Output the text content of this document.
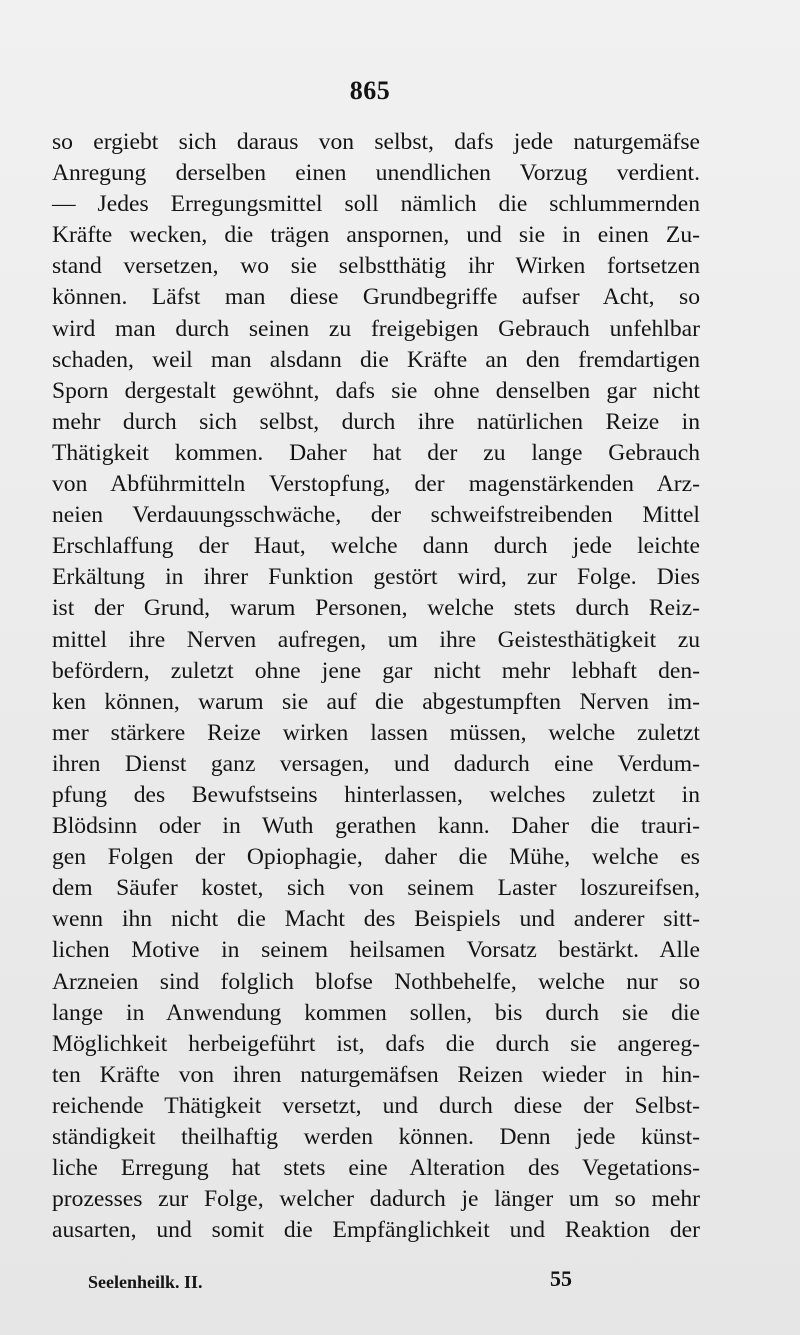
865
so ergiebt sich daraus von selbst, dafs jede naturgemäfse
Anregung derselben einen unendlichen Vorzug verdient.
— Jedes Erregungsmittel soll nämlich die schlummernden
Kräfte wecken, die trägen anspornen, und sie in einen Zu-
stand versetzen, wo sie selbstthätig ihr Wirken fortsetzen
können. Läfst man diese Grundbegriffe aufser Acht, so
wird man durch seinen zu freigebigen Gebrauch unfehlbar
schaden, weil man alsdann die Kräfte an den fremdartigen
Sporn dergestalt gewöhnt, dafs sie ohne denselben gar nicht
mehr durch sich selbst, durch ihre natürlichen Reize in
Thätigkeit kommen. Daher hat der zu lange Gebrauch
von Abführmitteln Verstopfung, der magenstärkenden Arz-
neien Verdauungsschwäche, der schweifstreibenden Mittel
Erschlaffung der Haut, welche dann durch jede leichte
Erkältung in ihrer Funktion gestört wird, zur Folge. Dies
ist der Grund, warum Personen, welche stets durch Reiz-
mittel ihre Nerven aufregen, um ihre Geistesthätigkeit zu
befördern, zuletzt ohne jene gar nicht mehr lebhaft den-
ken können, warum sie auf die abgestumpften Nerven im-
mer stärkere Reize wirken lassen müssen, welche zuletzt
ihren Dienst ganz versagen, und dadurch eine Verdum-
pfung des Bewufstseins hinterlassen, welches zuletzt in
Blödsinn oder in Wuth gerathen kann. Daher die trauri-
gen Folgen der Opiophagie, daher die Mühe, welche es
dem Säufer kostet, sich von seinem Laster loszureifsen,
wenn ihn nicht die Macht des Beispiels und anderer sitt-
lichen Motive in seinem heilsamen Vorsatz bestärkt. Alle
Arzneien sind folglich blofse Nothbehelfe, welche nur so
lange in Anwendung kommen sollen, bis durch sie die
Möglichkeit herbeigeführt ist, dafs die durch sie angereg-
ten Kräfte von ihren naturgemäfsen Reizen wieder in hin-
reichende Thätigkeit versetzt, und durch diese der Selbst-
ständigkeit theilhaftig werden können. Denn jede künst-
liche Erregung hat stets eine Alteration des Vegetations-
prozesses zur Folge, welcher dadurch je länger um so mehr
ausarten, und somit die Empfänglichkeit und Reaktion der
Seelenheilk. II.	55
